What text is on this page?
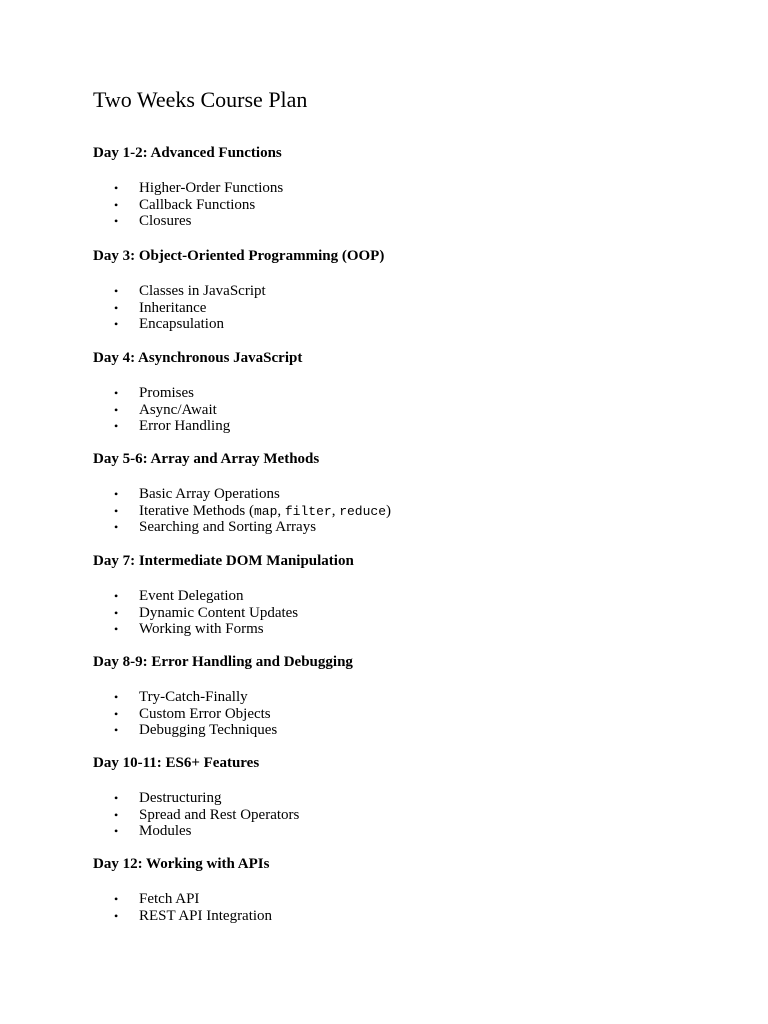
Two Weeks Course Plan
Day 1-2: Advanced Functions
• Higher-Order Functions
• Callback Functions
• Closures
Day 3: Object-Oriented Programming (OOP)
• Classes in JavaScript
• Inheritance
• Encapsulation
Day 4: Asynchronous JavaScript
• Promises
• Async/Await
• Error Handling
Day 5-6: Array and Array Methods
• Basic Array Operations
• Iterative Methods (map, filter, reduce)
• Searching and Sorting Arrays
Day 7: Intermediate DOM Manipulation
• Event Delegation
• Dynamic Content Updates
• Working with Forms
Day 8-9: Error Handling and Debugging
• Try-Catch-Finally
• Custom Error Objects
• Debugging Techniques
Day 10-11: ES6+ Features
• Destructuring
• Spread and Rest Operators
• Modules
Day 12: Working with APIs
• Fetch API
• REST API Integration
